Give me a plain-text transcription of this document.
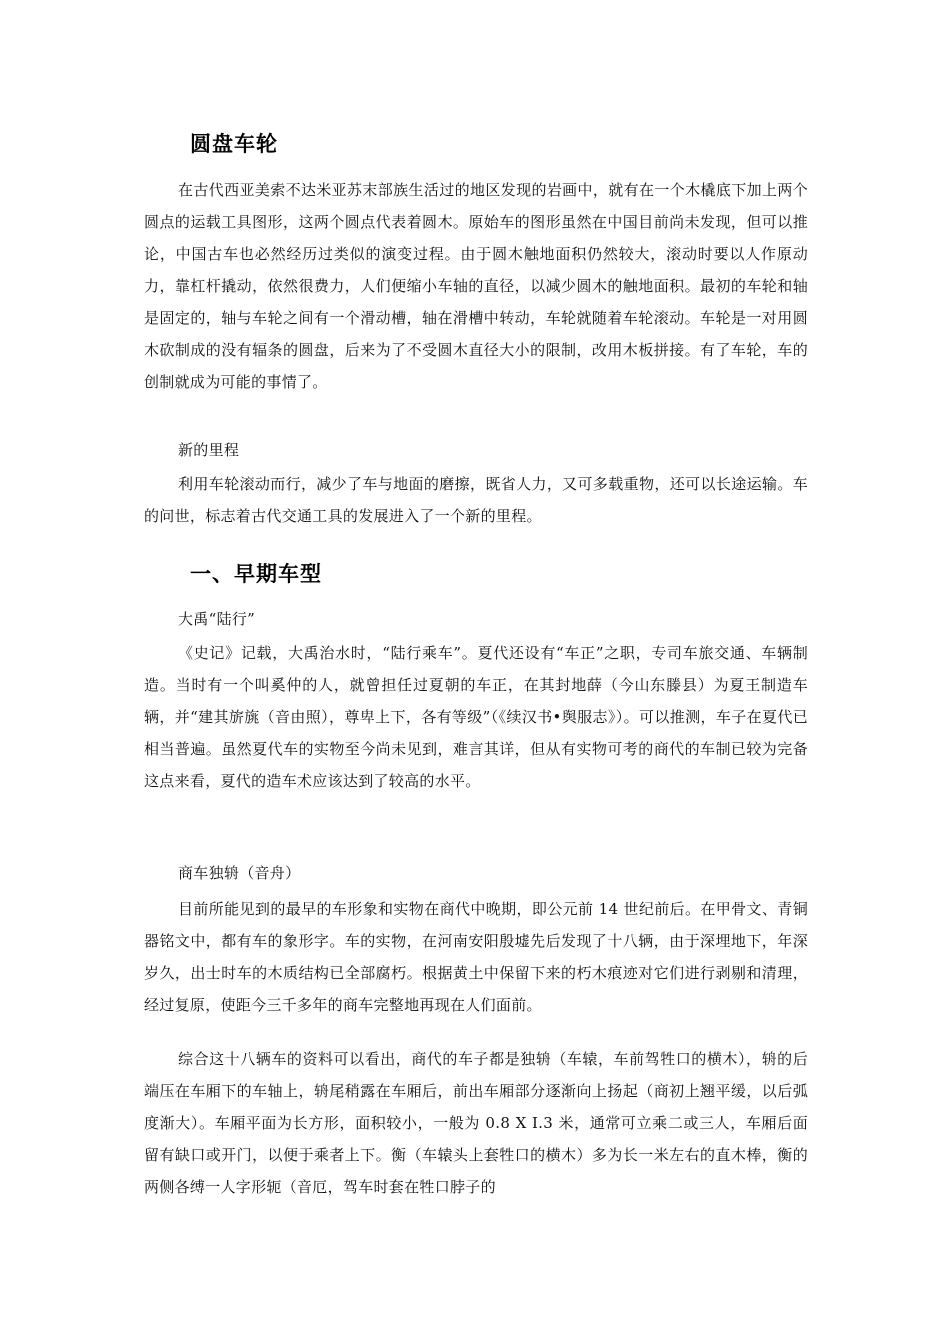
圆盘车轮

在古代西亚美索不达米亚苏末部族生活过的地区发现的岩画中，就有在一个木橇底下加上两个圆点的运载工具图形，这两个圆点代表着圆木。原始车的图形虽然在中国目前尚未发现，但可以推论，中国古车也必然经历过类似的演变过程。由于圆木触地面积仍然较大，滚动时要以人作原动力，靠杠杆撬动，依然很费力，人们便缩小车轴的直径，以减少圆木的触地面积。最初的车轮和轴是固定的，轴与车轮之间有一个滑动槽，轴在滑槽中转动，车轮就随着车轮滚动。车轮是一对用圆木砍制成的没有辐条的圆盘，后来为了不受圆木直径大小的限制，改用木板拼接。有了车轮，车的创制就成为可能的事情了。

新的里程

利用车轮滚动而行，减少了车与地面的磨擦，既省人力，又可多载重物，还可以长途运输。车的问世，标志着古代交通工具的发展进入了一个新的里程。

一、早期车型

大禹“陆行”

《史记》记载，大禹治水时，“陆行乘车”。夏代还设有“车正”之职，专司车旅交通、车辆制造。当时有一个叫奚仲的人，就曾担任过夏朝的车正，在其封地薛（今山东滕县）为夏王制造车辆，并“建其旂旐（音由照），尊卑上下，各有等级”（《续汉书•舆服志》）。可以推测，车子在夏代已相当普遍。虽然夏代车的实物至今尚未见到，难言其详，但从有实物可考的商代的车制已较为完备这点来看，夏代的造车术应该达到了较高的水平。

商车独辀（音舟）

目前所能见到的最早的车形象和实物在商代中晚期，即公元前 14 世纪前后。在甲骨文、青铜器铭文中，都有车的象形字。车的实物，在河南安阳殷墟先后发现了十八辆，由于深埋地下，年深岁久，出士时车的木质结构已全部腐朽。根据黄土中保留下来的朽木痕迹对它们进行剥剔和清理，经过复原，使距今三千多年的商车完整地再现在人们面前。

综合这十八辆车的资料可以看出，商代的车子都是独辀（车辕，车前驾牲口的横木），辀的后端压在车厢下的车轴上，辀尾稍露在车厢后，前出车厢部分逐渐向上扬起（商初上翘平缓，以后弧度渐大）。车厢平面为长方形，面积较小，一般为 0.8 X I.3 米，通常可立乘二或三人，车厢后面留有缺口或开门，以便于乘者上下。衡（车辕头上套牲口的横木）多为长一米左右的直木棒，衡的两侧各缚一人字形轭（音厄，驾车时套在牲口脖子的
